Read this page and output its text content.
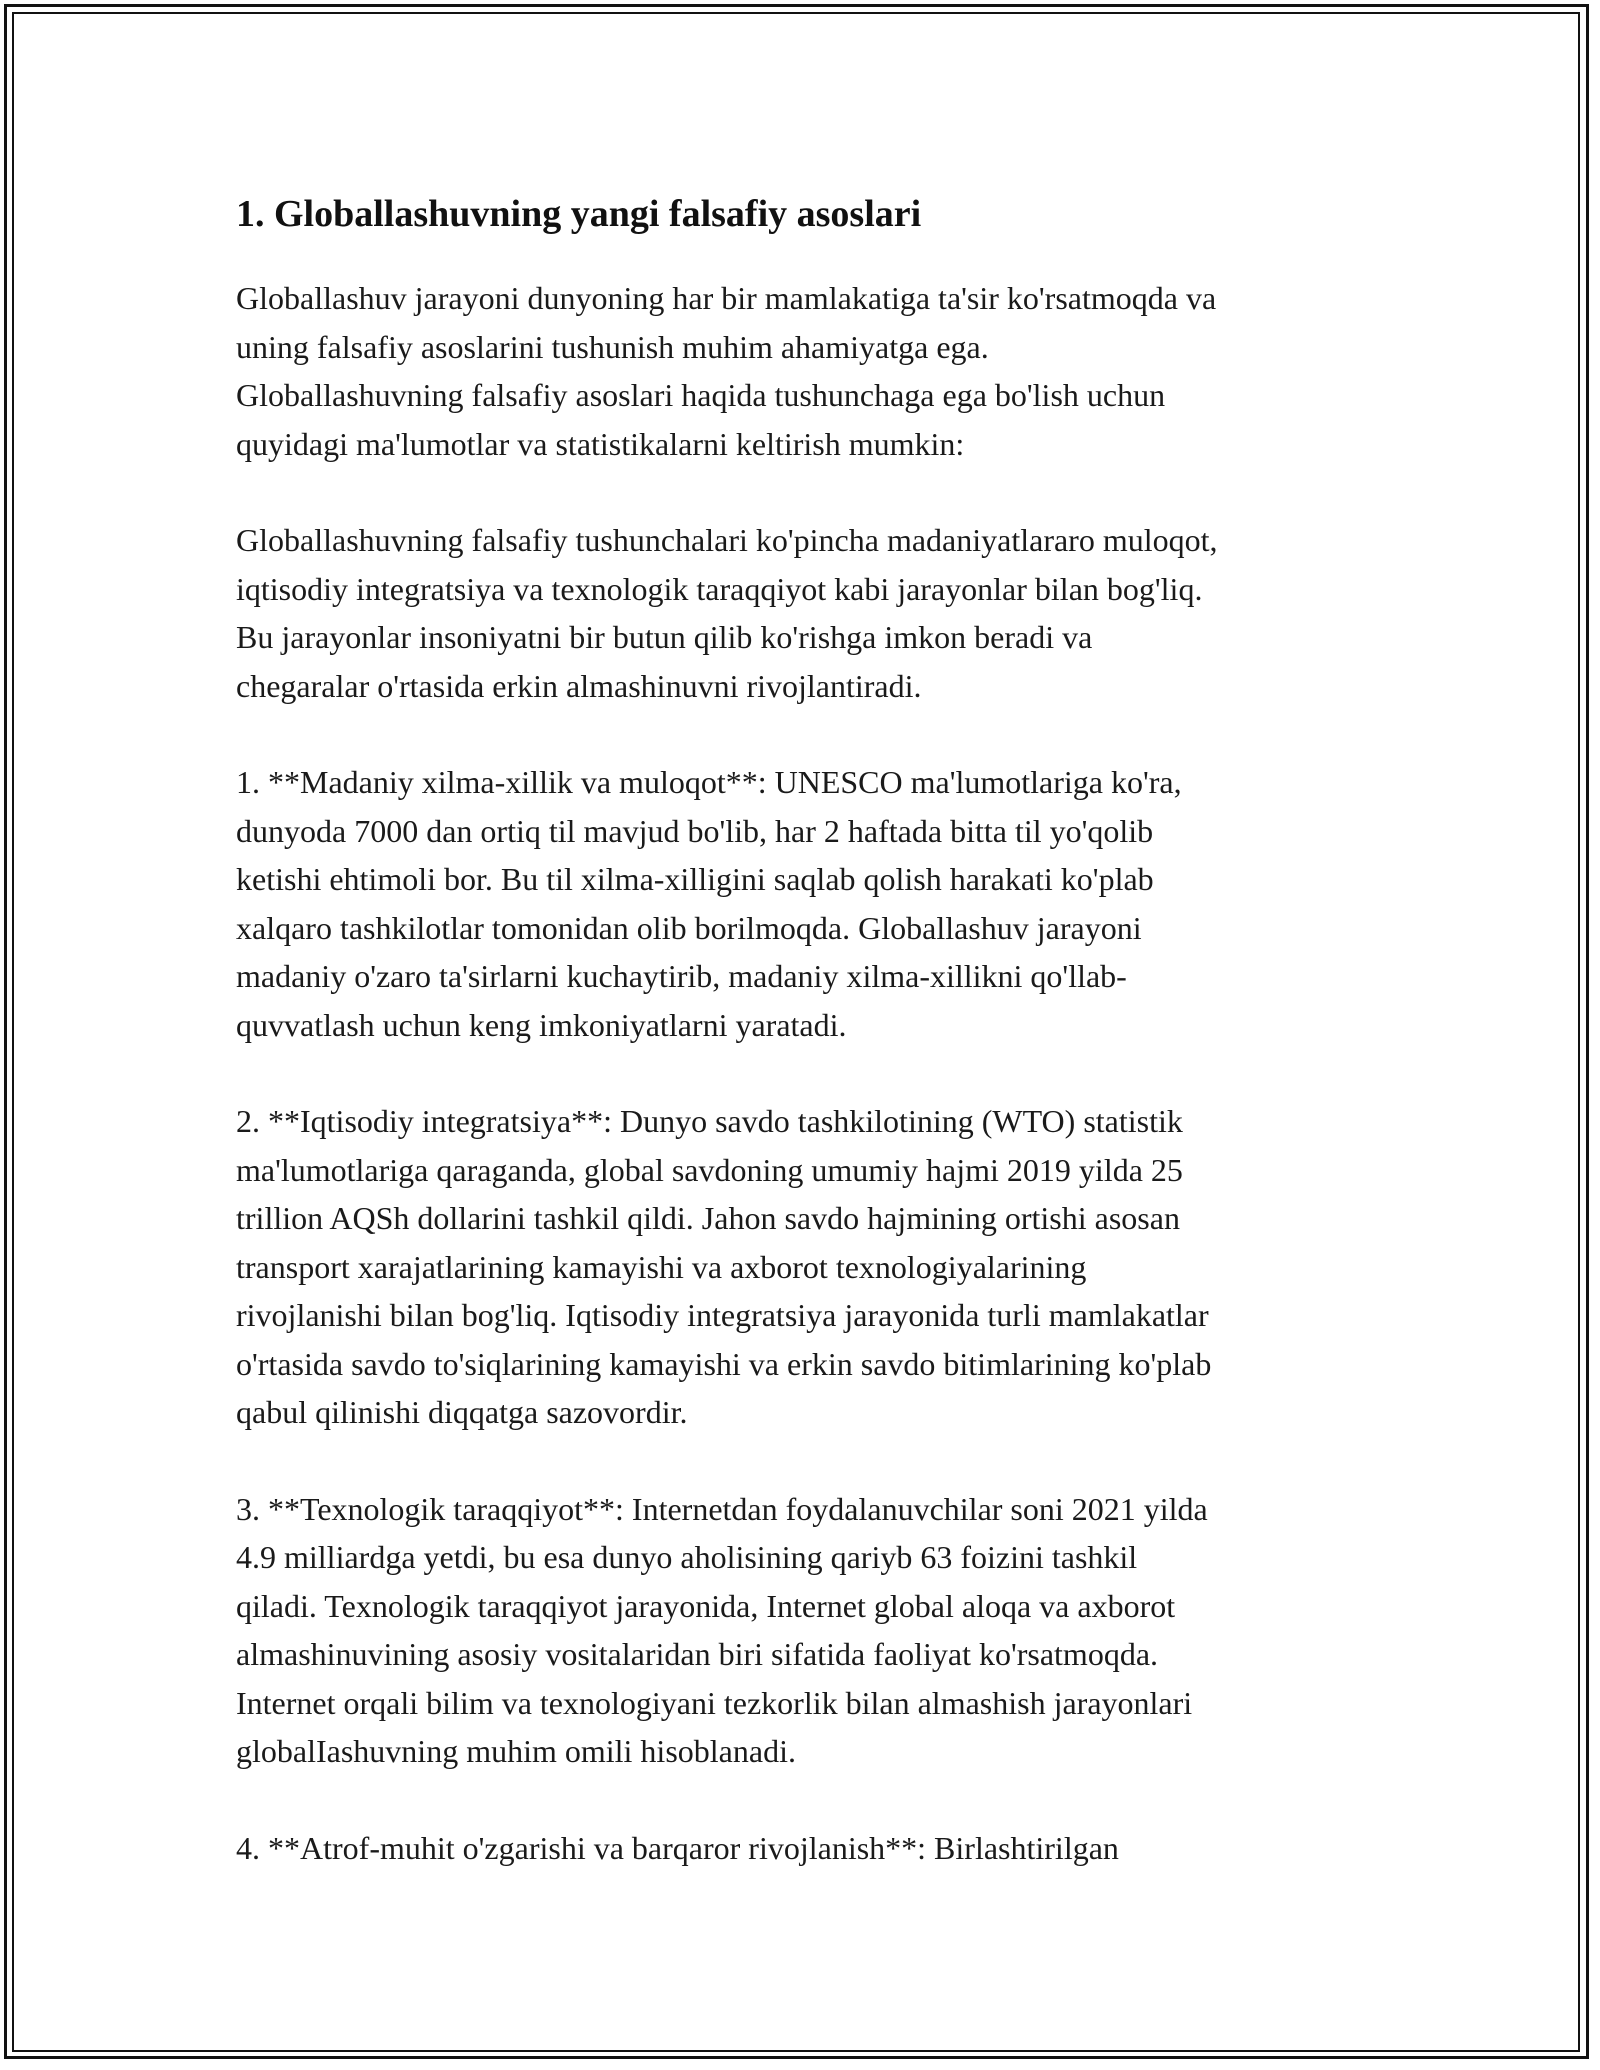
1. Globallashuvning yangi falsafiy asoslari

Globallashuv jarayoni dunyoning har bir mamlakatiga ta'sir ko'rsatmoqda va
uning falsafiy asoslarini tushunish muhim ahamiyatga ega.
Globallashuvning falsafiy asoslari haqida tushunchaga ega bo'lish uchun
quyidagi ma'lumotlar va statistikalarni keltirish mumkin:

Globallashuvning falsafiy tushunchalari ko'pincha madaniyatlararo muloqot,
iqtisodiy integratsiya va texnologik taraqqiyot kabi jarayonlar bilan bog'liq.
Bu jarayonlar insoniyatni bir butun qilib ko'rishga imkon beradi va
chegaralar o'rtasida erkin almashinuvni rivojlantiradi.

1. **Madaniy xilma-xillik va muloqot**: UNESCO ma'lumotlariga ko'ra,
dunyoda 7000 dan ortiq til mavjud bo'lib, har 2 haftada bitta til yo'qolib
ketishi ehtimoli bor. Bu til xilma-xilligini saqlab qolish harakati ko'plab
xalqaro tashkilotlar tomonidan olib borilmoqda. Globallashuv jarayoni
madaniy o'zaro ta'sirlarni kuchaytirib, madaniy xilma-xillikni qo'llab-
quvvatlash uchun keng imkoniyatlarni yaratadi.

2. **Iqtisodiy integratsiya**: Dunyo savdo tashkilotining (WTO) statistik
ma'lumotlariga qaraganda, global savdoning umumiy hajmi 2019 yilda 25
trillion AQSh dollarini tashkil qildi. Jahon savdo hajmining ortishi asosan
transport xarajatlarining kamayishi va axborot texnologiyalarining
rivojlanishi bilan bog'liq. Iqtisodiy integratsiya jarayonida turli mamlakatlar
o'rtasida savdo to'siqlarining kamayishi va erkin savdo bitimlarining ko'plab
qabul qilinishi diqqatga sazovordir.

3. **Texnologik taraqqiyot**: Internetdan foydalanuvchilar soni 2021 yilda
4.9 milliardga yetdi, bu esa dunyo aholisining qariyb 63 foizini tashkil
qiladi. Texnologik taraqqiyot jarayonida, Internet global aloqa va axborot
almashinuvining asosiy vositalaridan biri sifatida faoliyat ko'rsatmoqda.
Internet orqali bilim va texnologiyani tezkorlik bilan almashish jarayonlari
globalIashuvning muhim omili hisoblanadi.

4. **Atrof-muhit o'zgarishi va barqaror rivojlanish**: Birlashtirilgan
